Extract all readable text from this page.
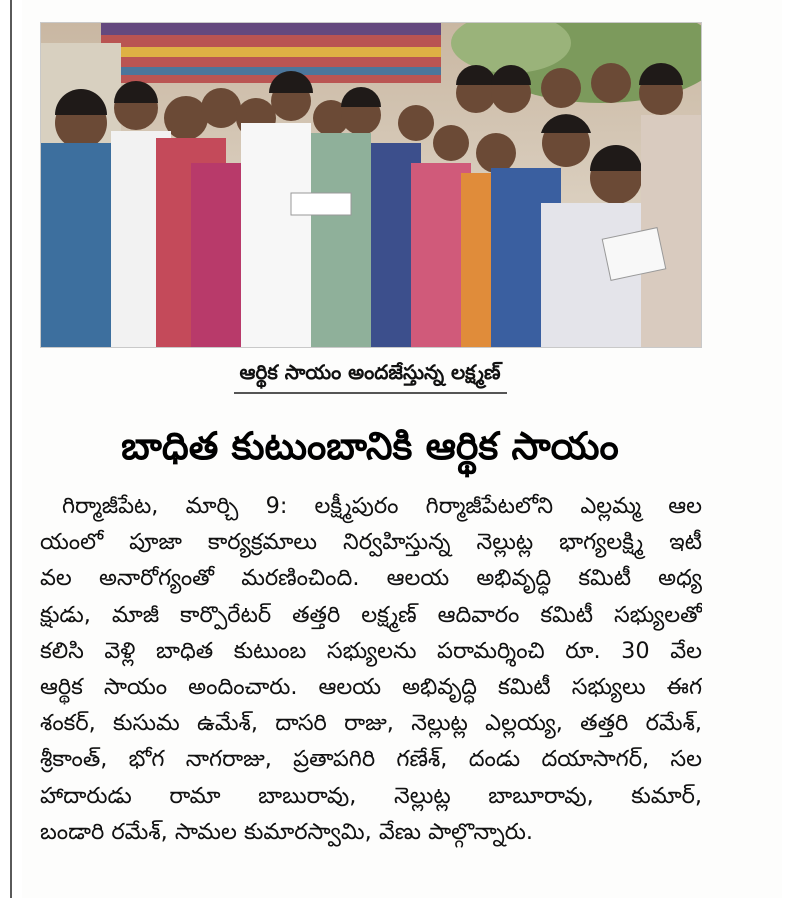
ఆర్థిక సాయం అందజేస్తున్న లక్ష్మణ్
బాధిత కుటుంబానికి ఆర్థిక సాయం
గిర్మాజీపేట, మార్చి 9: లక్ష్మీపురం గిర్మాజీపేటలోని ఎల్లమ్మ ఆల
యంలో పూజా కార్యక్రమాలు నిర్వహిస్తున్న నెల్లుట్ల భాగ్యలక్ష్మి ఇటీ
వల అనారోగ్యంతో మరణించింది. ఆలయ అభివృద్ధి కమిటీ అధ్య
క్షుడు, మాజీ కార్పొరేటర్ తత్తరి లక్ష్మణ్ ఆదివారం కమిటీ సభ్యులతో
కలిసి వెళ్లి బాధిత కుటుంబ సభ్యులను పరామర్శించి రూ. 30 వేల
ఆర్థిక సాయం అందించారు. ఆలయ అభివృద్ధి కమిటీ సభ్యులు ఈగ
శంకర్, కుసుమ ఉమేశ్, దాసరి రాజు, నెల్లుట్ల ఎల్లయ్య, తత్తరి రమేశ్,
శ్రీకాంత్, భోగ నాగరాజు, ప్రతాపగిరి గణేశ్, దండు దయాసాగర్, సల
హాదారుడు రామా బాబురావు, నెల్లుట్ల బాబూరావు, కుమార్,
బండారి రమేశ్, సామల కుమారస్వామి, వేణు పాల్గొన్నారు.
